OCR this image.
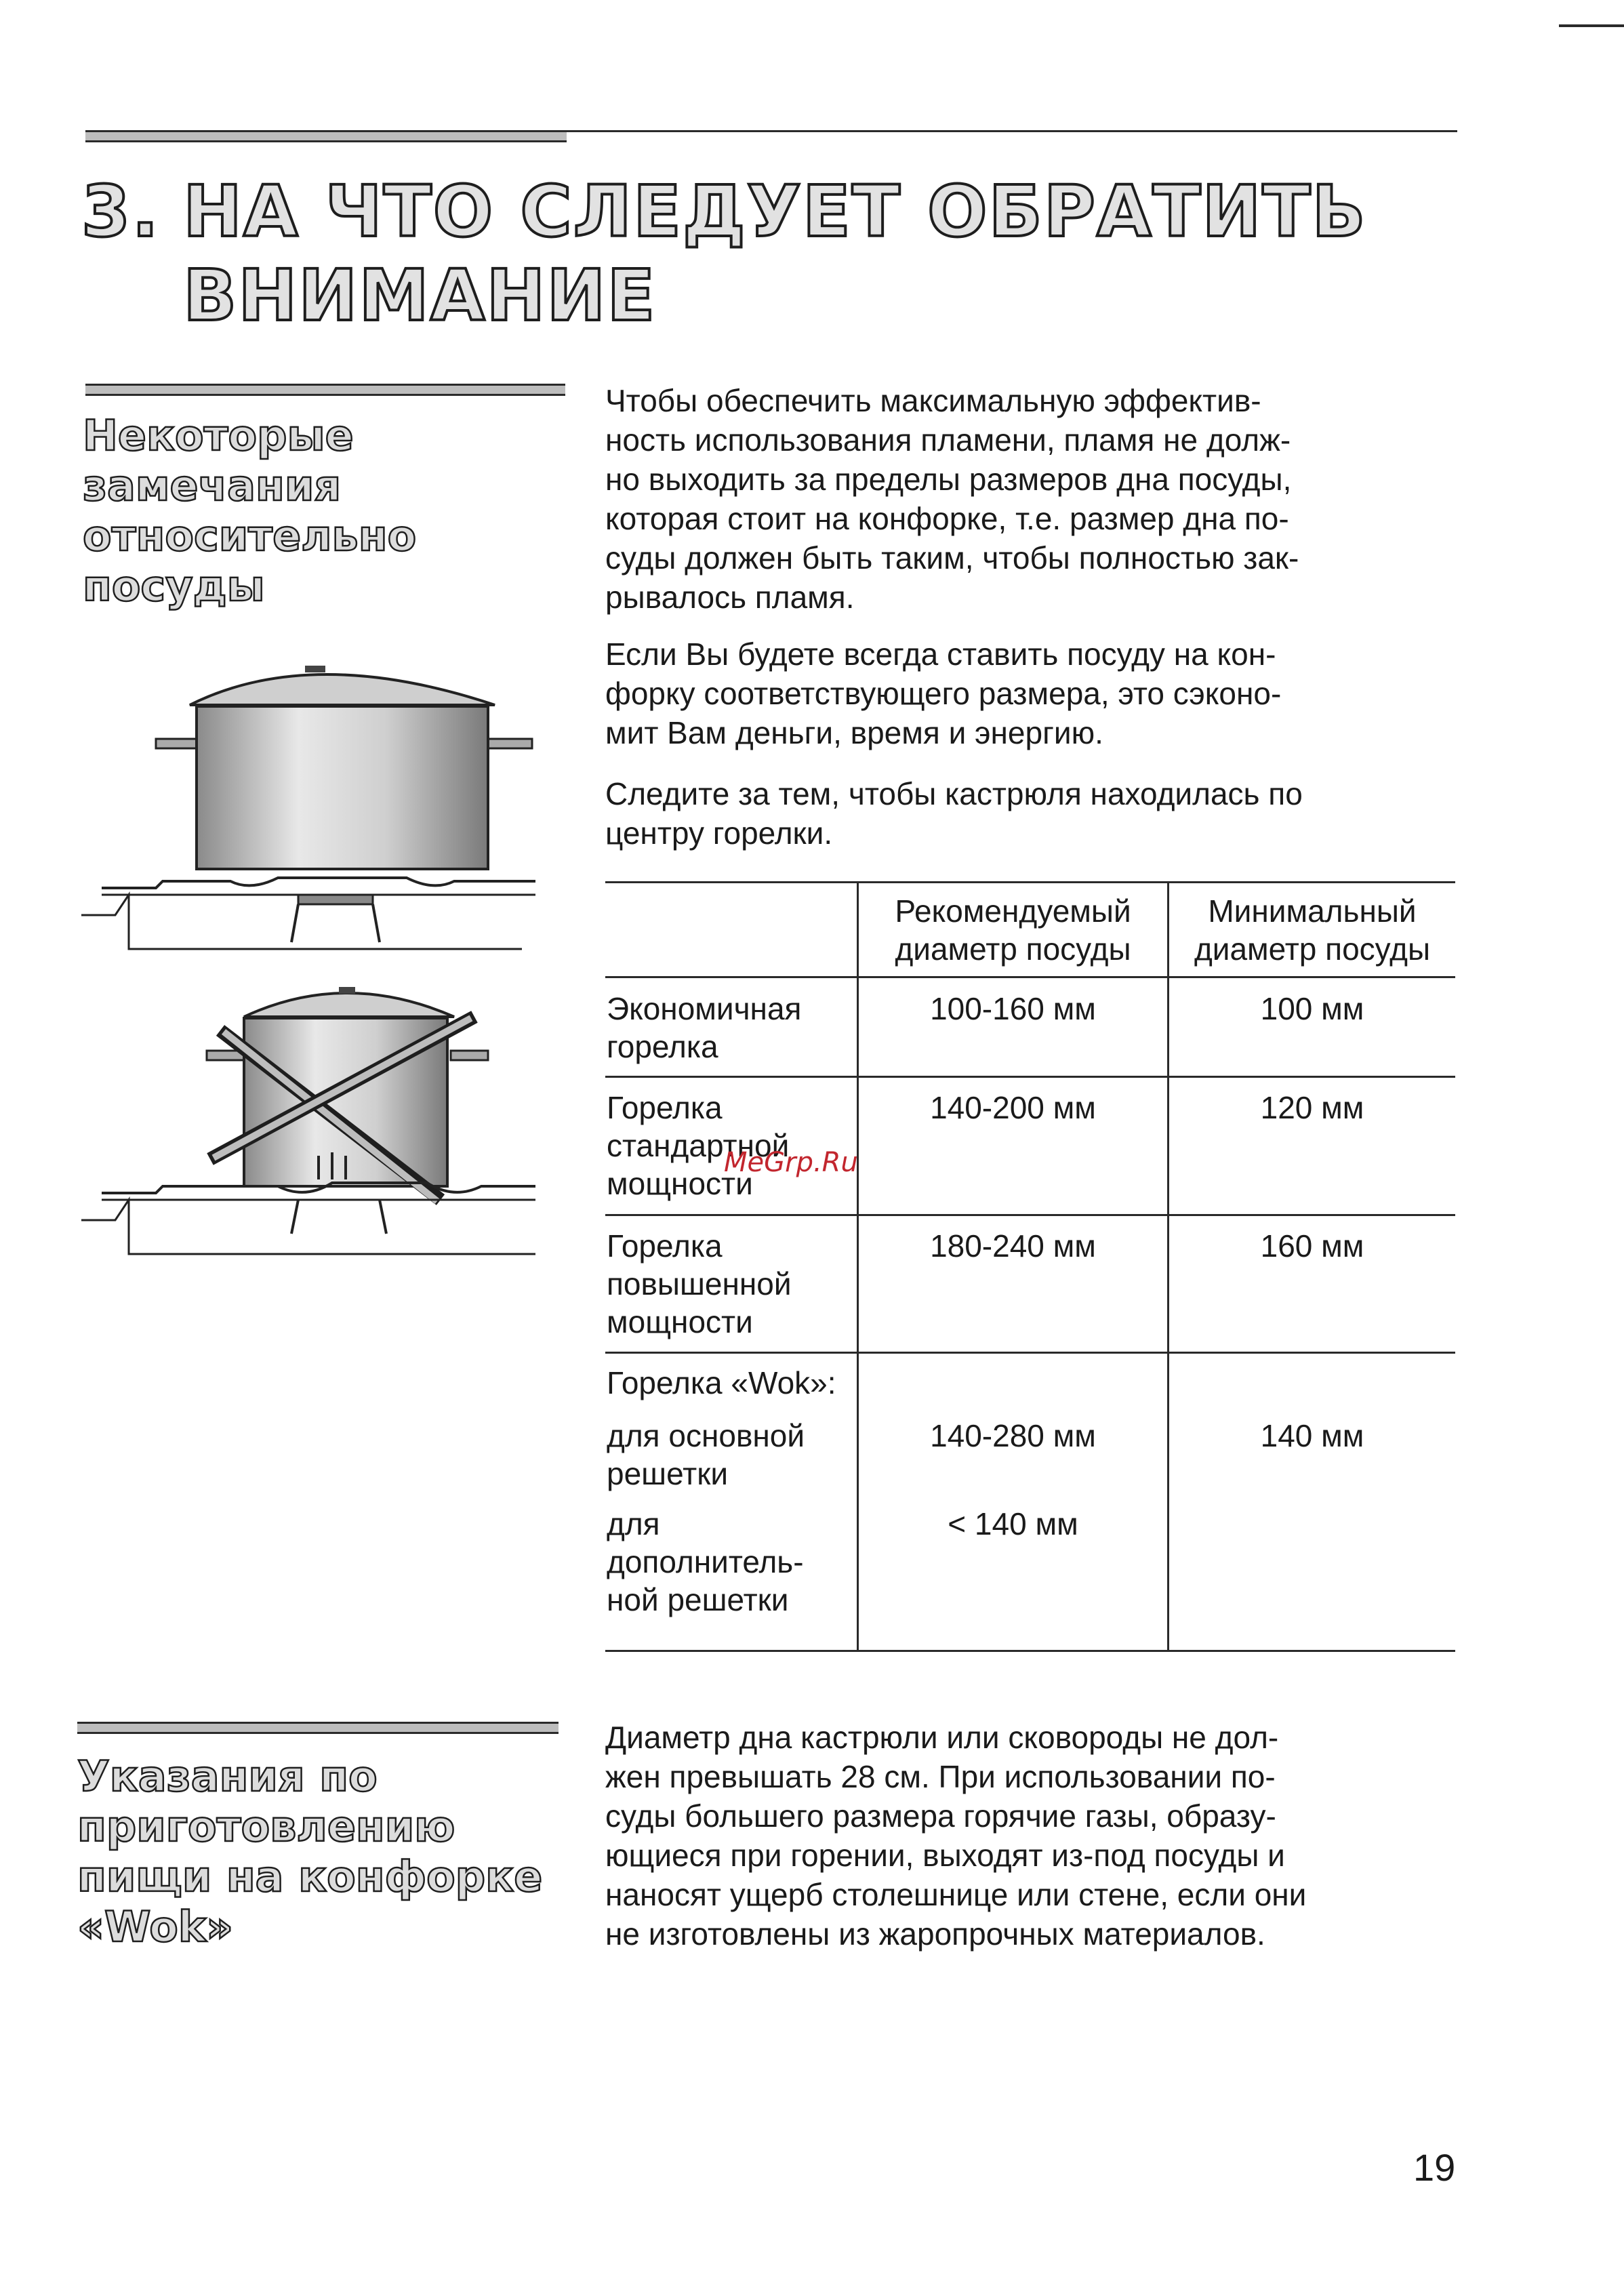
3. НА ЧТО СЛЕДУЕТ ОБРАТИТЬ
ВНИМАНИЕ
Некоторые
замечания
относительно
посуды
Чтобы обеспечить максимальную эффектив-
ность использования пламени, пламя не долж-
но выходить за пределы размеров дна посуды,
которая стоит на конфорке, т.е. размер дна по-
суды должен быть таким, чтобы полностью зак-
рывалось пламя.
Если Вы будете всегда ставить посуду на кон-
форку соответствующего размера, это сэконо-
мит Вам деньги, время и энергию.
Следите за тем, чтобы кастрюля находилась по
центру горелки.
Рекомендуемый
диаметр посуды
Минимальный
диаметр посуды
Экономичная
горелка
100-160 мм	100 мм
Горелка
стандартной
мощности
140-200 мм	120 мм
Горелка
повышенной
мощности
180-240 мм	160 мм
Горелка «Wok»:
для основной
решетки
140-280 мм	140 мм
для
дополнитель-
ной решетки
< 140 мм
MeGrp.Ru
Указания по
приготовлению
пищи на конфорке
«Wok»
Диаметр дна кастрюли или сковороды не дол-
жен превышать 28 см. При использовании по-
суды большего размера горячие газы, образу-
ющиеся при горении, выходят из-под посуды и
наносят ущерб столешнице или стене, если они
не изготовлены из жаропрочных материалов.
19
